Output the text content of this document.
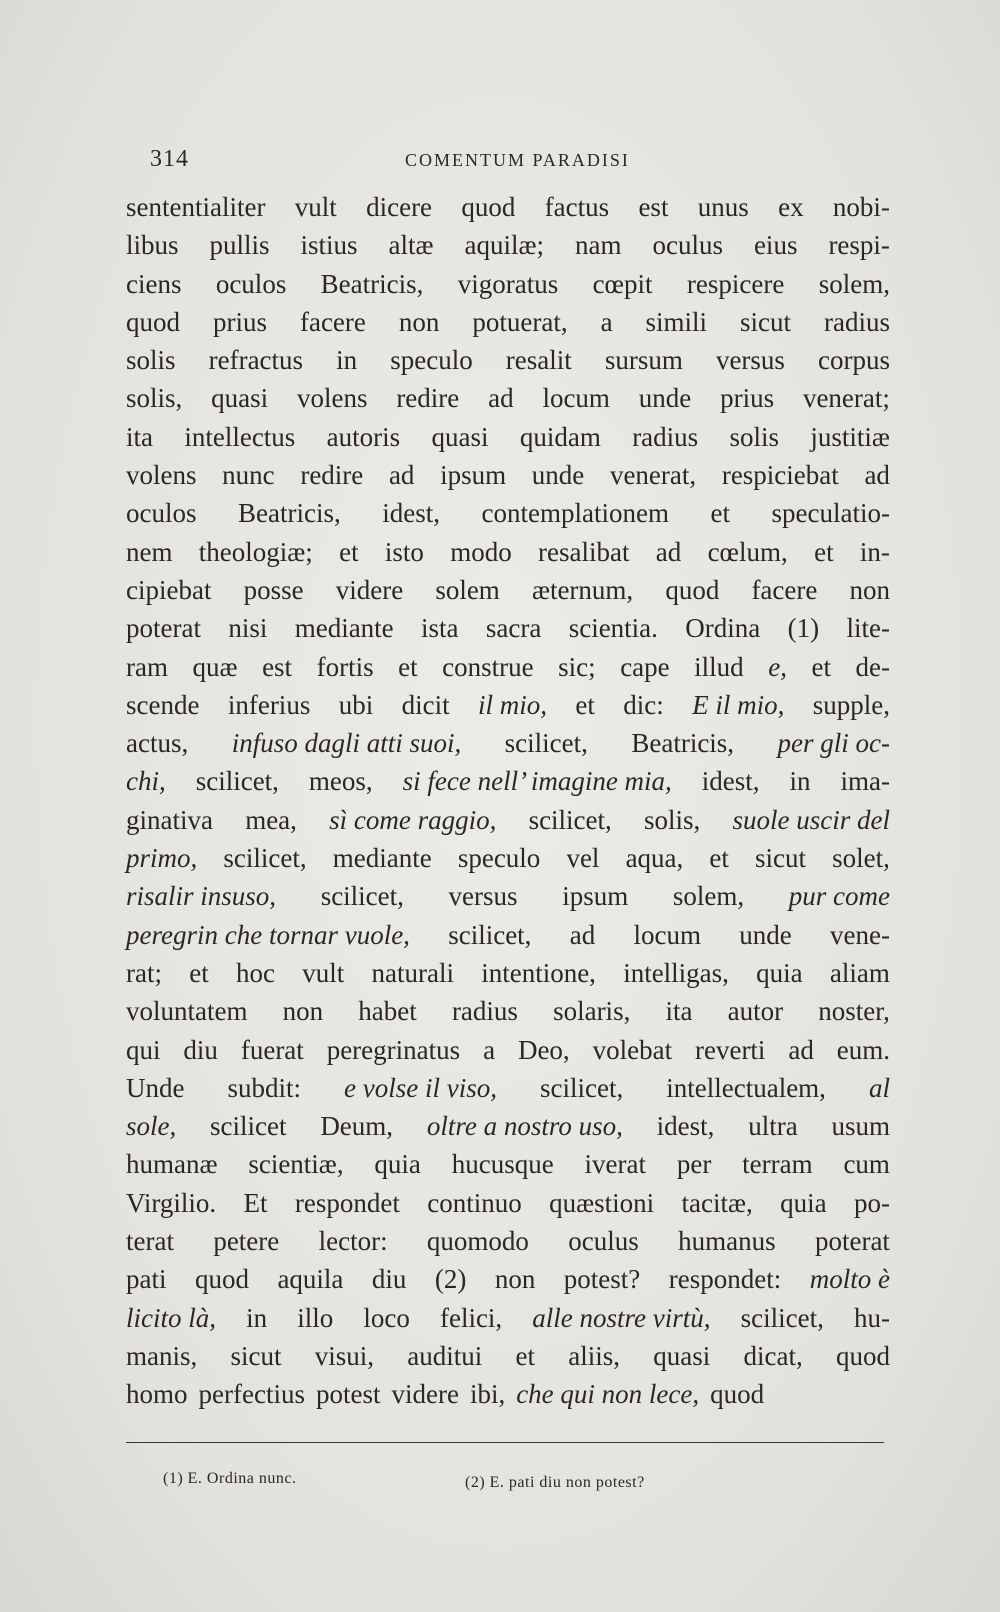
314	COMENTUM PARADISI
sententialiter vult dicere quod factus est unus ex nobi-
libus pullis istius altæ aquilæ; nam oculus eius respi-
ciens oculos Beatricis, vigoratus cœpit respicere solem,
quod prius facere non potuerat, a simili sicut radius
solis refractus in speculo resalit sursum versus corpus
solis, quasi volens redire ad locum unde prius venerat;
ita intellectus autoris quasi quidam radius solis justitiæ
volens nunc redire ad ipsum unde venerat, respiciebat ad
oculos Beatricis, idest, contemplationem et speculatio-
nem theologiæ; et isto modo resalibat ad cœlum, et in-
cipiebat posse videre solem æternum, quod facere non
poterat nisi mediante ista sacra scientia. Ordina (1) lite-
ram quæ est fortis et construe sic; cape illud e, et de-
scende inferius ubi dicit il mio, et dic: E il mio, supple,
actus, infuso dagli atti suoi, scilicet, Beatricis, per gli oc-
chi, scilicet, meos, si fece nell’ imagine mia, idest, in ima-
ginativa mea, sì come raggio, scilicet, solis, suole uscir del
primo, scilicet, mediante speculo vel aqua, et sicut solet,
risalir insuso, scilicet, versus ipsum solem, pur come
peregrin che tornar vuole, scilicet, ad locum unde vene-
rat; et hoc vult naturali intentione, intelligas, quia aliam
voluntatem non habet radius solaris, ita autor noster,
qui diu fuerat peregrinatus a Deo, volebat reverti ad eum.
Unde subdit: e volse il viso, scilicet, intellectualem, al
sole, scilicet Deum, oltre a nostro uso, idest, ultra usum
humanæ scientiæ, quia hucusque iverat per terram cum
Virgilio. Et respondet continuo quæstioni tacitæ, quia po-
terat petere lector: quomodo oculus humanus poterat
pati quod aquila diu (2) non potest? respondet: molto è
licito là, in illo loco felici, alle nostre virtù, scilicet, hu-
manis, sicut visui, auditui et aliis, quasi dicat, quod
homo perfectius potest videre ibi, che qui non lece, quod
(1) E. Ordina nunc.	(2) E. pati diu non potest?
